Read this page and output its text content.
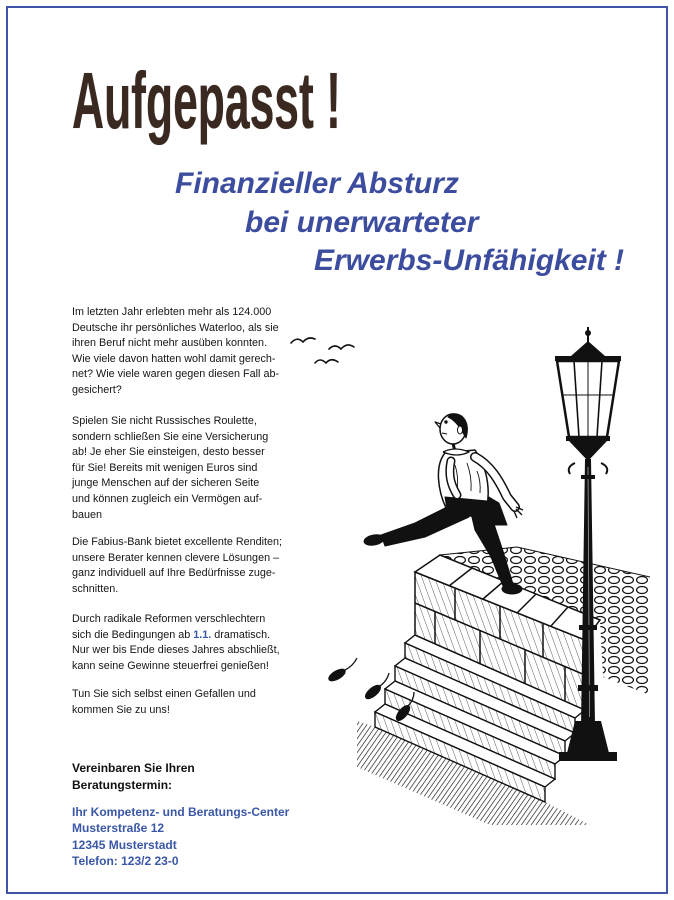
Aufgepasst !
Finanzieller Absturz
bei unerwarteter
Erwerbs-Unfähigkeit !
Im letzten Jahr erlebten mehr als 124.000
Deutsche ihr persönliches Waterloo, als sie
ihren Beruf nicht mehr ausüben konnten.
Wie viele davon hatten wohl damit gerech-
net? Wie viele waren gegen diesen Fall ab-
gesichert?
Spielen Sie nicht Russisches Roulette,
sondern schließen Sie eine Versicherung
ab! Je eher Sie einsteigen, desto besser
für Sie! Bereits mit wenigen Euros sind
junge Menschen auf der sicheren Seite
und können zugleich ein Vermögen auf-
bauen
Die Fabius-Bank bietet excellente Renditen;
unsere Berater kennen clevere Lösungen –
ganz individuell auf Ihre Bedürfnisse zuge-
schnitten.
Durch radikale Reformen verschlechtern
sich die Bedingungen ab 1.1. dramatisch.
Nur wer bis Ende dieses Jahres abschließt,
kann seine Gewinne steuerfrei genießen!
Tun Sie sich selbst einen Gefallen und
kommen Sie zu uns!
Vereinbaren Sie Ihren
Beratungstermin:
Ihr Kompetenz- und Beratungs-Center
Musterstraße 12
12345 Musterstadt
Telefon: 123/2 23-0
